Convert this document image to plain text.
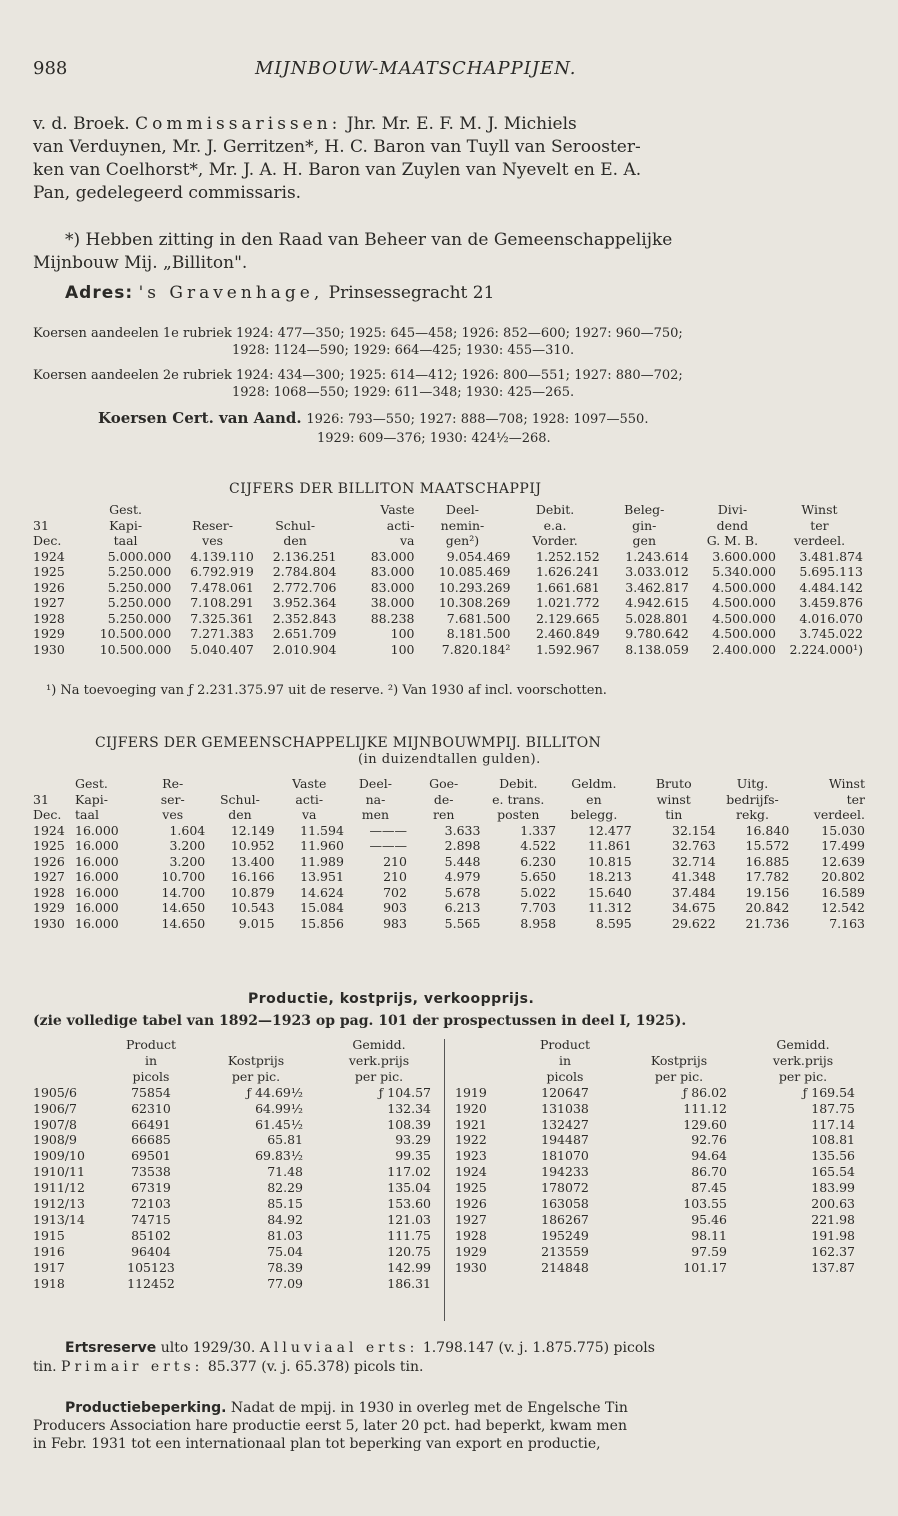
988	MIJNBOUW-MAATSCHAPPIJEN.
v. d. Broek. Commissarissen: Jhr. Mr. E. F. M. J. Michiels
van Verduynen, Mr. J. Gerritzen*, H. C. Baron van Tuyll van Serooster-
ken van Coelhorst*, Mr. J. A. H. Baron van Zuylen van Nyevelt en E. A.
Pan, gedelegeerd commissaris.
*) Hebben zitting in den Raad van Beheer van de Gemeenschappelijke
Mijnbouw Mij. „Billiton".
Adres: 's Gravenhage, Prinsessegracht 21
Koersen aandeelen 1e rubriek 1924: 477—350; 1925: 645—458; 1926: 852—600; 1927: 960—750;
1928: 1124—590; 1929: 664—425; 1930: 455—310.
Koersen aandeelen 2e rubriek 1924: 434—300; 1925: 614—412; 1926: 800—551; 1927: 880—702;
1928: 1068—550; 1929: 611—348; 1930: 425—265.
Koersen Cert. van Aand. 1926: 793—550; 1927: 888—708; 1928: 1097—550.
1929: 609—376; 1930: 424½—268.
CIJFERS DER BILLITON MAATSCHAPPIJ
	Gest.			Vaste	Deel-	Debit.	Beleg-	Divi-	Winst
31	Kapi-	Reser-	Schul-	acti-	nemin-	e.a.	gin-	dend	ter
Dec.	taal	ves	den	va	gen²)	Vorder.	gen	G. M. B.	verdeel.
1924	5.000.000	4.139.110	2.136.251	83.000	9.054.469	1.252.152	1.243.614	3.600.000	3.481.874
1925	5.250.000	6.792.919	2.784.804	83.000	10.085.469	1.626.241	3.033.012	5.340.000	5.695.113
1926	5.250.000	7.478.061	2.772.706	83.000	10.293.269	1.661.681	3.462.817	4.500.000	4.484.142
1927	5.250.000	7.108.291	3.952.364	38.000	10.308.269	1.021.772	4.942.615	4.500.000	3.459.876
1928	5.250.000	7.325.361	2.352.843	88.238	7.681.500	2.129.665	5.028.801	4.500.000	4.016.070
1929	10.500.000	7.271.383	2.651.709	100	8.181.500	2.460.849	9.780.642	4.500.000	3.745.022
1930	10.500.000	5.040.407	2.010.904	100	7.820.184²	1.592.967	8.138.059	2.400.000	2.224.000¹)
¹) Na toevoeging van ƒ 2.231.375.97 uit de reserve. ²) Van 1930 af incl. voorschotten.
CIJFERS DER GEMEENSCHAPPELIJKE MIJNBOUWMPIJ. BILLITON
(in duizendtallen gulden).
	Gest.	Re-		Vaste	Deel-	Goe-	Debit.	Geldm.	Bruto	Uitg.	Winst
31	Kapi-	ser-	Schul-	acti-	na-	de-	e. trans.	en	winst	bedrijfs-	ter
Dec.	taal	ves	den	va	men	ren	posten	belegg.	tin	rekg.	verdeel.
1924	16.000	1.604	12.149	11.594	———	3.633	1.337	12.477	32.154	16.840	15.030
1925	16.000	3.200	10.952	11.960	———	2.898	4.522	11.861	32.763	15.572	17.499
1926	16.000	3.200	13.400	11.989	210	5.448	6.230	10.815	32.714	16.885	12.639
1927	16.000	10.700	16.166	13.951	210	4.979	5.650	18.213	41.348	17.782	20.802
1928	16.000	14.700	10.879	14.624	702	5.678	5.022	15.640	37.484	19.156	16.589
1929	16.000	14.650	10.543	15.084	903	6.213	7.703	11.312	34.675	20.842	12.542
1930	16.000	14.650	9.015	15.856	983	5.565	8.958	8.595	29.622	21.736	7.163
Productie, kostprijs, verkoopprijs.
(zie volledige tabel van 1892—1923 op pag. 101 der prospectussen in deel I, 1925).
	Product		Gemidd.
	in	Kostprijs	verk.prijs
	picols	per pic.	per pic.
1905/6	75854	ƒ 44.69½	ƒ 104.57
1906/7	62310	64.99½	132.34
1907/8	66491	61.45½	108.39
1908/9	66685	65.81	93.29
1909/10	69501	69.83½	99.35
1910/11	73538	71.48	117.02
1911/12	67319	82.29	135.04
1912/13	72103	85.15	153.60
1913/14	74715	84.92	121.03
1915	85102	81.03	111.75
1916	96404	75.04	120.75
1917	105123	78.39	142.99
1918	112452	77.09	186.31
	Product		Gemidd.
	in	Kostprijs	verk.prijs
	picols	per pic.	per pic.
1919	120647	ƒ 86.02	ƒ 169.54
1920	131038	111.12	187.75
1921	132427	129.60	117.14
1922	194487	92.76	108.81
1923	181070	94.64	135.56
1924	194233	86.70	165.54
1925	178072	87.45	183.99
1926	163058	103.55	200.63
1927	186267	95.46	221.98
1928	195249	98.11	191.98
1929	213559	97.59	162.37
1930	214848	101.17	137.87
Ertsreserve ulto 1929/30. Alluviaal erts: 1.798.147 (v. j. 1.875.775) picols
tin. Primair erts: 85.377 (v. j. 65.378) picols tin.
Productiebeperking. Nadat de mpij. in 1930 in overleg met de Engelsche Tin
Producers Association hare productie eerst 5, later 20 pct. had beperkt, kwam men
in Febr. 1931 tot een internationaal plan tot beperking van export en productie,
